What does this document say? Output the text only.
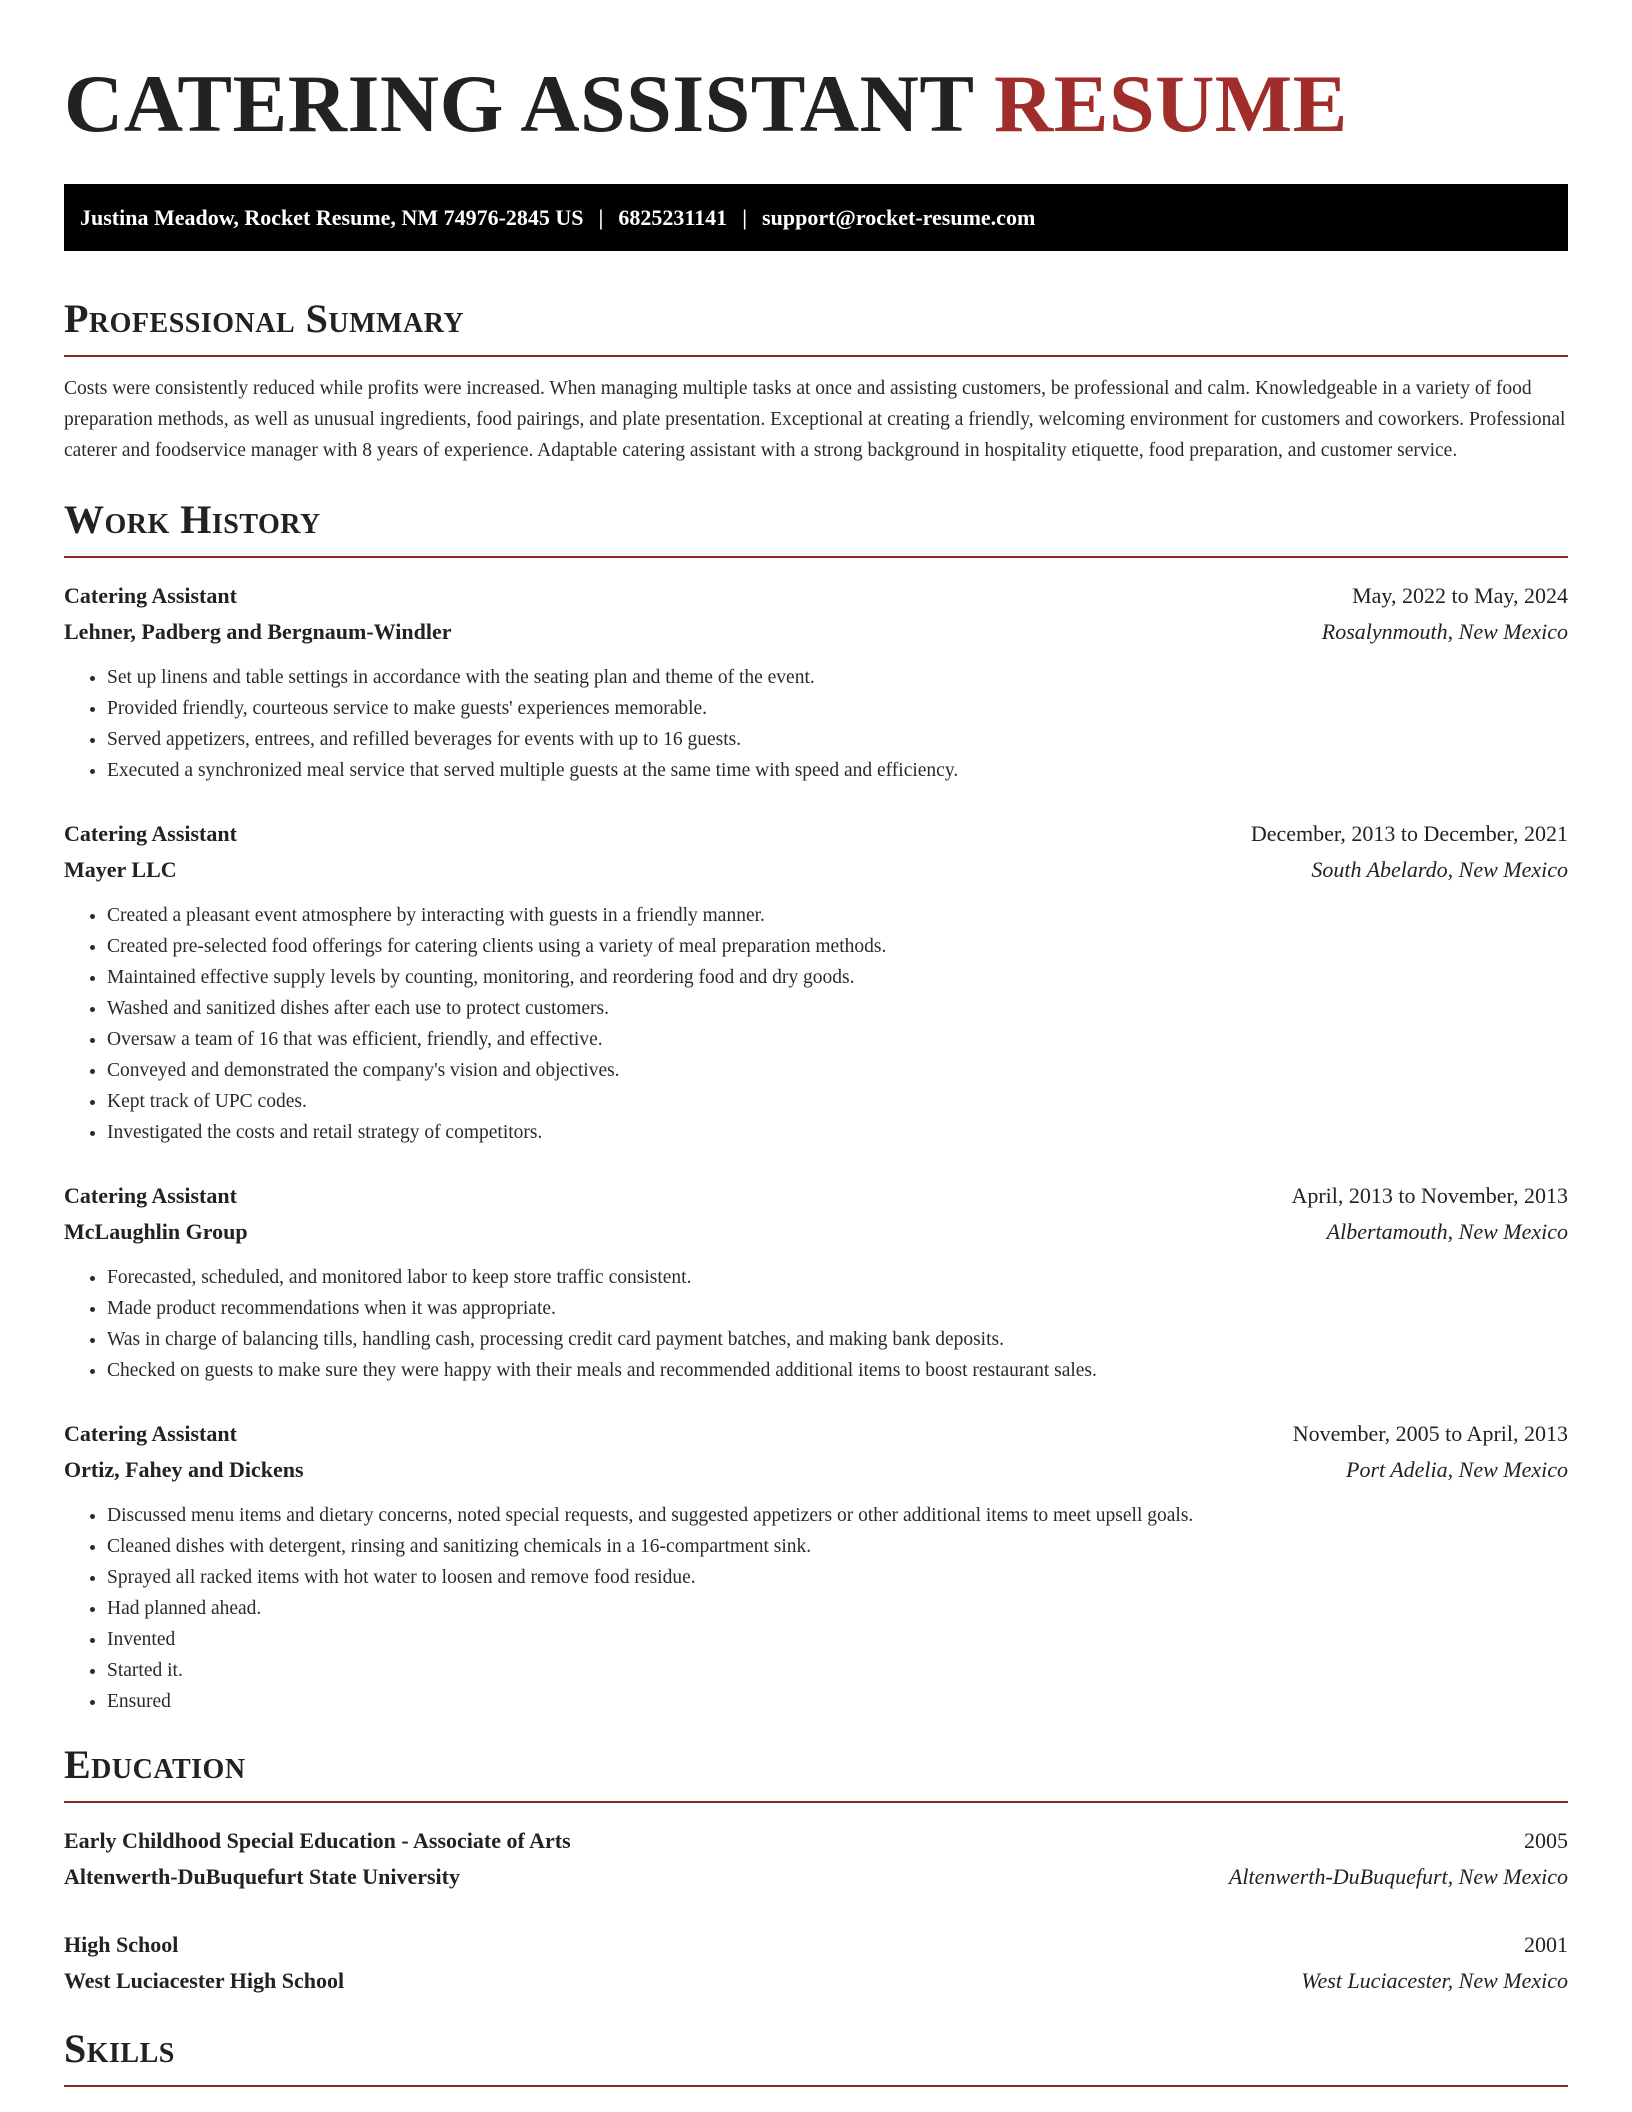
CATERING ASSISTANT RESUME
Justina Meadow, Rocket Resume, NM 74976-2845 US | 6825231141 | support@rocket-resume.com
Professional Summary

Costs were consistently reduced while profits were increased. When managing multiple tasks at once and assisting customers, be professional and calm. Knowledgeable in a variety of food preparation methods, as well as unusual ingredients, food pairings, and plate presentation. Exceptional at creating a friendly, welcoming environment for customers and coworkers. Professional caterer and foodservice manager with 8 years of experience. Adaptable catering assistant with a strong background in hospitality etiquette, food preparation, and customer service.

Work History
Catering Assistant	May, 2022 to May, 2024
Lehner, Padberg and Bergnaum-Windler	Rosalynmouth, New Mexico
• Set up linens and table settings in accordance with the seating plan and theme of the event.
• Provided friendly, courteous service to make guests' experiences memorable.
• Served appetizers, entrees, and refilled beverages for events with up to 16 guests.
• Executed a synchronized meal service that served multiple guests at the same time with speed and efficiency.
Catering Assistant	December, 2013 to December, 2021
Mayer LLC	South Abelardo, New Mexico
• Created a pleasant event atmosphere by interacting with guests in a friendly manner.
• Created pre-selected food offerings for catering clients using a variety of meal preparation methods.
• Maintained effective supply levels by counting, monitoring, and reordering food and dry goods.
• Washed and sanitized dishes after each use to protect customers.
• Oversaw a team of 16 that was efficient, friendly, and effective.
• Conveyed and demonstrated the company's vision and objectives.
• Kept track of UPC codes.
• Investigated the costs and retail strategy of competitors.
Catering Assistant	April, 2013 to November, 2013
McLaughlin Group	Albertamouth, New Mexico
• Forecasted, scheduled, and monitored labor to keep store traffic consistent.
• Made product recommendations when it was appropriate.
• Was in charge of balancing tills, handling cash, processing credit card payment batches, and making bank deposits.
• Checked on guests to make sure they were happy with their meals and recommended additional items to boost restaurant sales.
Catering Assistant	November, 2005 to April, 2013
Ortiz, Fahey and Dickens	Port Adelia, New Mexico
• Discussed menu items and dietary concerns, noted special requests, and suggested appetizers or other additional items to meet upsell goals.
• Cleaned dishes with detergent, rinsing and sanitizing chemicals in a 16-compartment sink.
• Sprayed all racked items with hot water to loosen and remove food residue.
• Had planned ahead.
• Invented
• Started it.
• Ensured
Education
Early Childhood Special Education - Associate of Arts	2005
Altenwerth-DuBuquefurt State University	Altenwerth-DuBuquefurt, New Mexico
High School	2001
West Luciacester High School	West Luciacester, New Mexico
Skills
